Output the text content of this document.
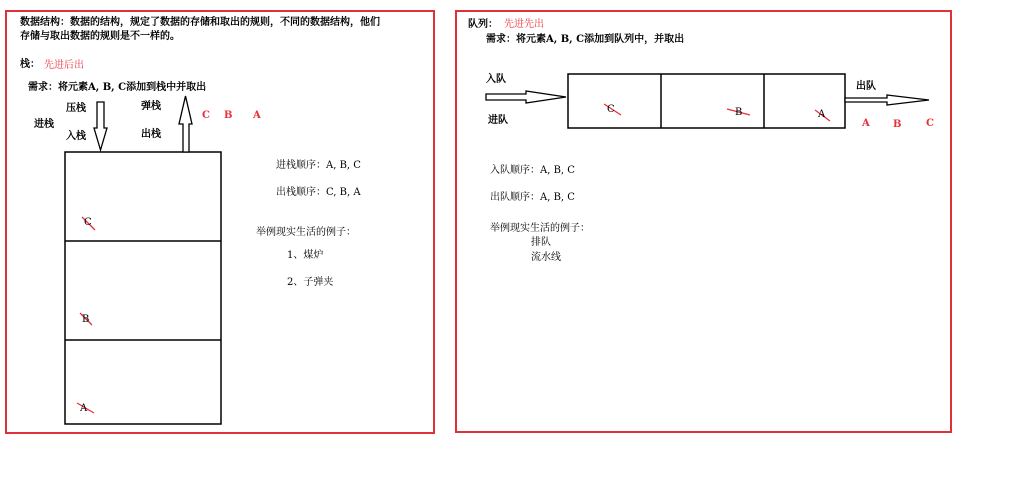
数据结构：数据的结构，规定了数据的存储和取出的规则，不同的数据结构，他们
存储与取出数据的规则是不一样的。
栈： 先进后出
需求：将元素A, B, C添加到栈中并取出
压栈
进栈
入栈
弹栈
出栈
C B A
C
B
A
进栈顺序：A, B, C
出栈顺序：C, B, A
举例现实生活的例子：
1、煤炉
2、子弹夹
队列： 先进先出
需求：将元素A, B, C添加到队列中，并取出
入队
进队
出队
C	B	A
A B C
入队顺序：A, B, C
出队顺序：A, B, C
举例现实生活的例子：
排队
流水线
